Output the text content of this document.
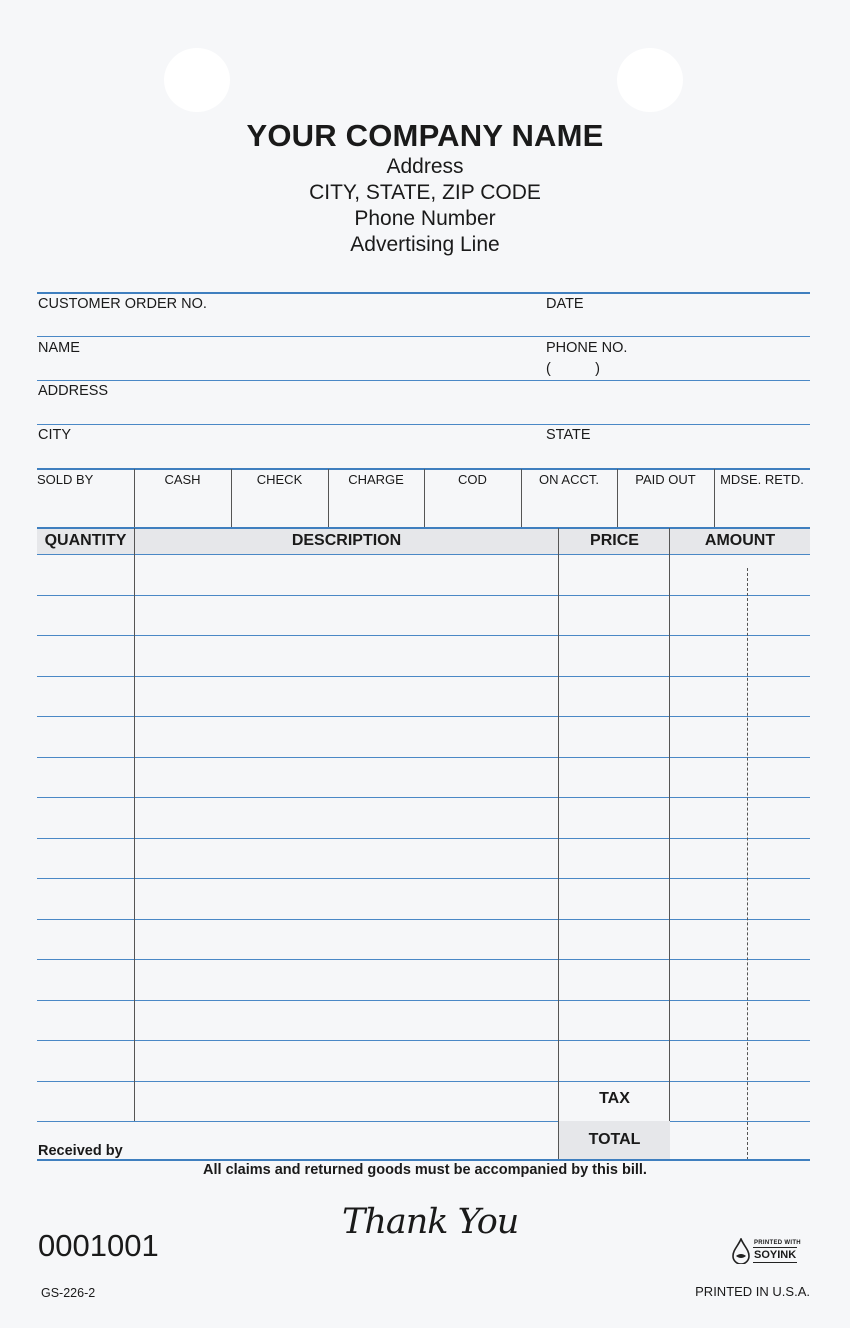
YOUR COMPANY NAME
Address
CITY, STATE, ZIP CODE
Phone Number
Advertising Line
CUSTOMER ORDER NO.	DATE
NAME	PHONE NO.
(           )
ADDRESS
CITY	STATE
SOLD BY	CASH	CHECK	CHARGE	COD	ON ACCT.	PAID OUT	MDSE. RETD.
QUANTITY	DESCRIPTION	PRICE	AMOUNT
TAX
TOTAL
Received by
All claims and returned goods must be accompanied by this bill.
0001001
Thank You
GS-226-2	PRINTED IN U.S.A.
PRINTED WITH
SOYINK
